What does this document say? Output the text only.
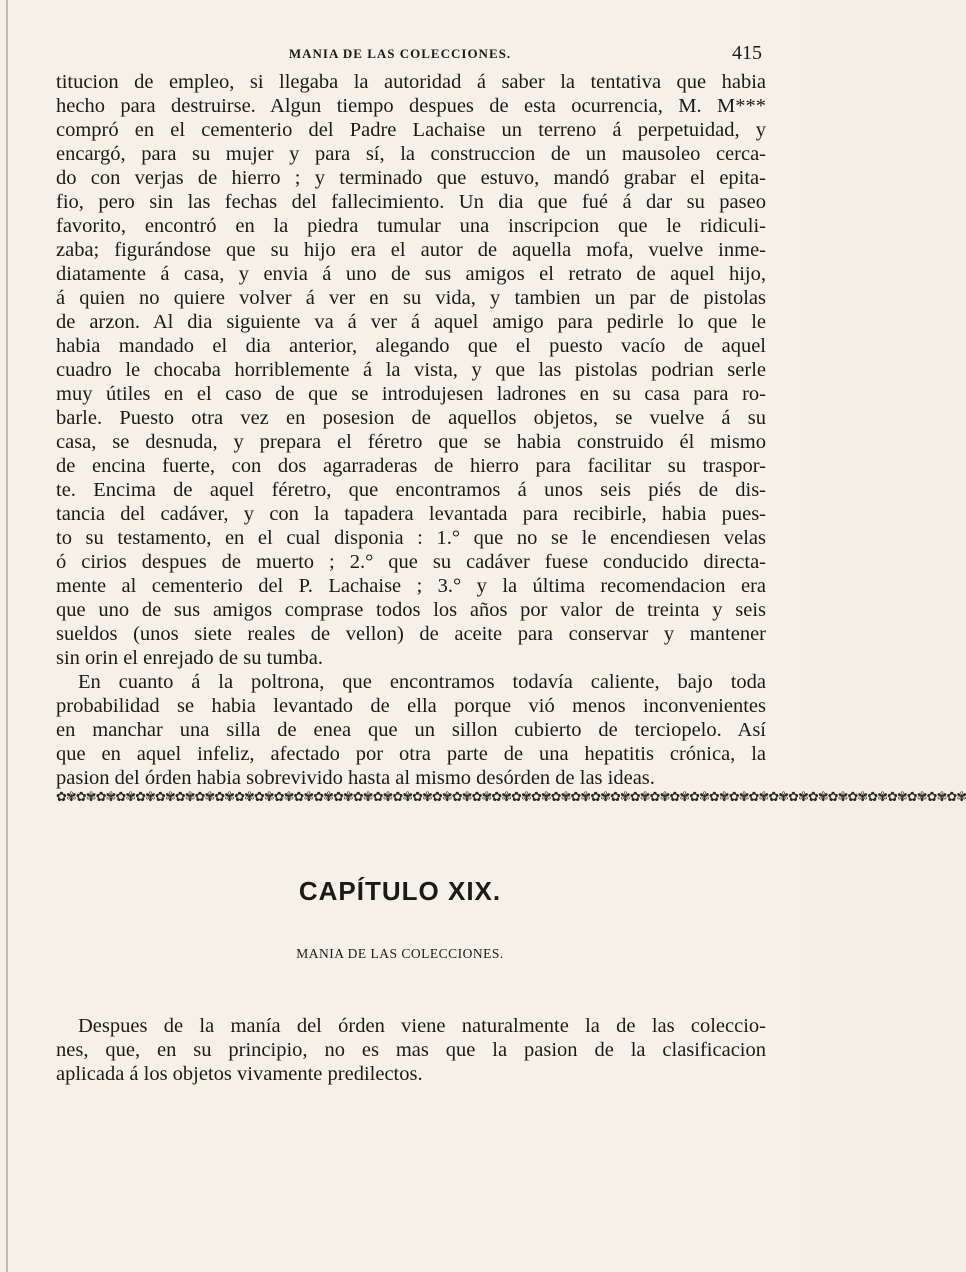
MANIA DE LAS COLECCIONES.	415
titucion de empleo, si llegaba la autoridad á saber la tentativa que habia
hecho para destruirse. Algun tiempo despues de esta ocurrencia, M. M***
compró en el cementerio del Padre Lachaise un terreno á perpetuidad, y
encargó, para su mujer y para sí, la construccion de un mausoleo cerca-
do con verjas de hierro ; y terminado que estuvo, mandó grabar el epita-
fio, pero sin las fechas del fallecimiento. Un dia que fué á dar su paseo
favorito, encontró en la piedra tumular una inscripcion que le ridiculi-
zaba; figurándose que su hijo era el autor de aquella mofa, vuelve inme-
diatamente á casa, y envia á uno de sus amigos el retrato de aquel hijo,
á quien no quiere volver á ver en su vida, y tambien un par de pistolas
de arzon. Al dia siguiente va á ver á aquel amigo para pedirle lo que le
habia mandado el dia anterior, alegando que el puesto vacío de aquel
cuadro le chocaba horriblemente á la vista, y que las pistolas podrian serle
muy útiles en el caso de que se introdujesen ladrones en su casa para ro-
barle. Puesto otra vez en posesion de aquellos objetos, se vuelve á su
casa, se desnuda, y prepara el féretro que se habia construido él mismo
de encina fuerte, con dos agarraderas de hierro para facilitar su traspor-
te. Encima de aquel féretro, que encontramos á unos seis piés de dis-
tancia del cadáver, y con la tapadera levantada para recibirle, habia pues-
to su testamento, en el cual disponia : 1.° que no se le encendiesen velas
ó cirios despues de muerto ; 2.° que su cadáver fuese conducido directa-
mente al cementerio del P. Lachaise ; 3.° y la última recomendacion era
que uno de sus amigos comprase todos los años por valor de treinta y seis
sueldos (unos siete reales de vellon) de aceite para conservar y mantener
sin orin el enrejado de su tumba.
En cuanto á la poltrona, que encontramos todavía caliente, bajo toda
probabilidad se habia levantado de ella porque vió menos inconvenientes
en manchar una silla de enea que un sillon cubierto de terciopelo. Así
que en aquel infeliz, afectado por otra parte de una hepatitis crónica, la
pasion del órden habia sobrevivido hasta al mismo desórden de las ideas.
✿✾✿✾✿✾✿✾✿✾✿✾✿✾✿✾✿✾✿✾✿✾✿✾✿✾✿✾✿✾✿✾✿✾✿✾✿✾✿✾✿✾✿✾✿✾✿✾✿✾✿✾✿✾✿✾✿✾✿✾✿✾✿✾✿✾✿✾✿✾✿✾✿✾✿✾✿✾✿✾✿✾✿✾✿✾✿✾✿✾✿✾
CAPÍTULO XIX.
MANIA DE LAS COLECCIONES.
Despues de la manía del órden viene naturalmente la de las coleccio-
nes, que, en su principio, no es mas que la pasion de la clasificacion
aplicada á los objetos vivamente predilectos.
